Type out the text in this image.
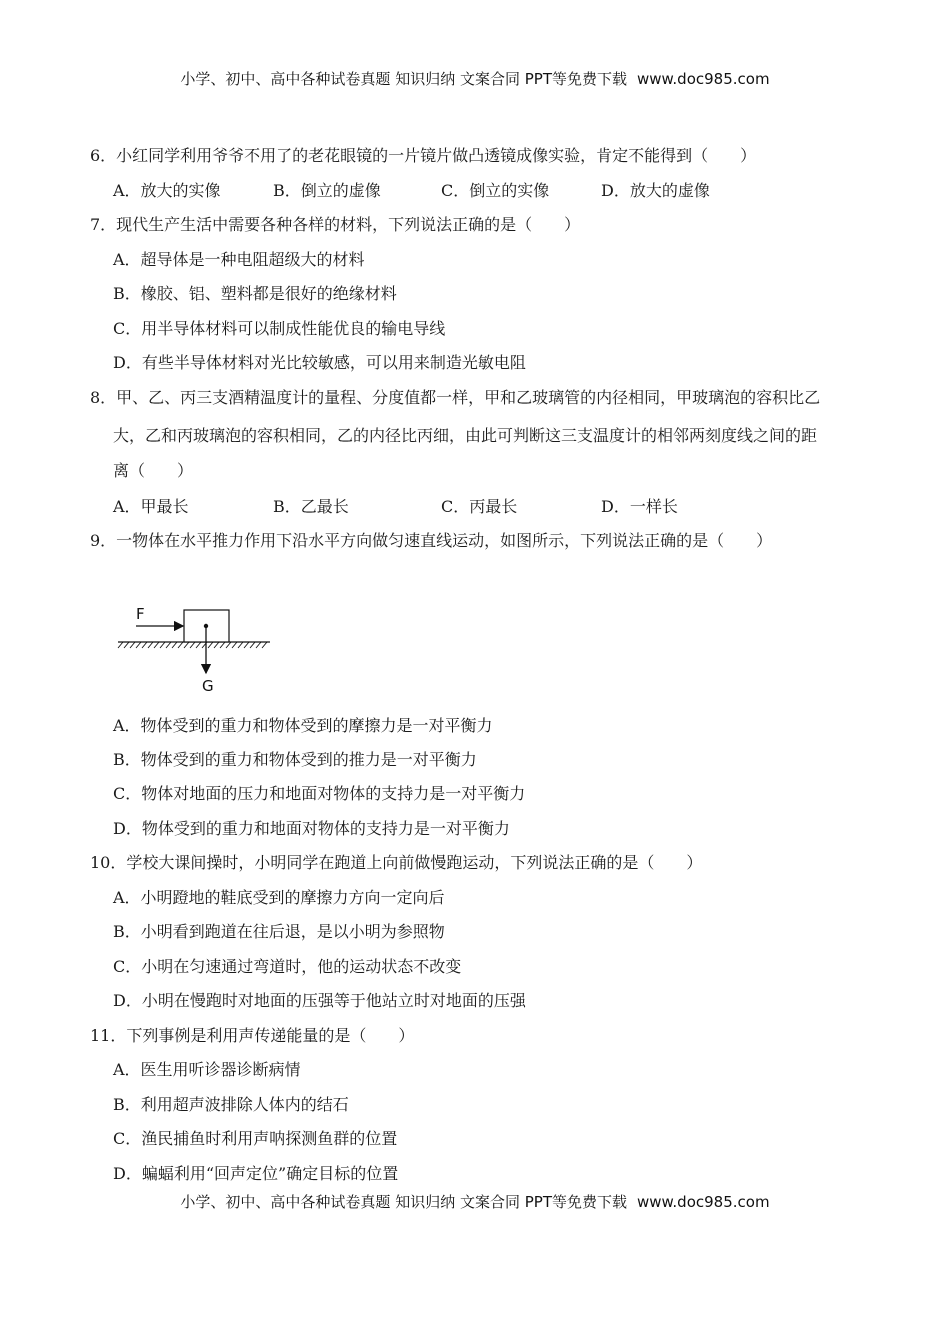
小学、初中、高中各种试卷真题 知识归纳 文案合同 PPT等免费下载 www.doc985.com
6．小红同学利用爷爷不用了的老花眼镜的一片镜片做凸透镜成像实验，肯定不能得到（　　）
A．放大的实像	B．倒立的虚像	C．倒立的实像	D．放大的虚像
7．现代生产生活中需要各种各样的材料，下列说法正确的是（　　）
A．超导体是一种电阻超级大的材料
B．橡胶、铝、塑料都是很好的绝缘材料
C．用半导体材料可以制成性能优良的输电导线
D．有些半导体材料对光比较敏感，可以用来制造光敏电阻
8．甲、乙、丙三支酒精温度计的量程、分度值都一样，甲和乙玻璃管的内径相同，甲玻璃泡的容积比乙
大，乙和丙玻璃泡的容积相同，乙的内径比丙细，由此可判断这三支温度计的相邻两刻度线之间的距
离（　　）
A．甲最长	B．乙最长	C．丙最长	D．一样长
9．一物体在水平推力作用下沿水平方向做匀速直线运动，如图所示，下列说法正确的是（　　）
F
G
A．物体受到的重力和物体受到的摩擦力是一对平衡力
B．物体受到的重力和物体受到的推力是一对平衡力
C．物体对地面的压力和地面对物体的支持力是一对平衡力
D．物体受到的重力和地面对物体的支持力是一对平衡力
10．学校大课间操时，小明同学在跑道上向前做慢跑运动，下列说法正确的是（　　）
A．小明蹬地的鞋底受到的摩擦力方向一定向后
B．小明看到跑道在往后退，是以小明为参照物
C．小明在匀速通过弯道时，他的运动状态不改变
D．小明在慢跑时对地面的压强等于他站立时对地面的压强
11．下列事例是利用声传递能量的是（　　）
A．医生用听诊器诊断病情
B．利用超声波排除人体内的结石
C．渔民捕鱼时利用声呐探测鱼群的位置
D．蝙蝠利用“回声定位”确定目标的位置
小学、初中、高中各种试卷真题 知识归纳 文案合同 PPT等免费下载 www.doc985.com
